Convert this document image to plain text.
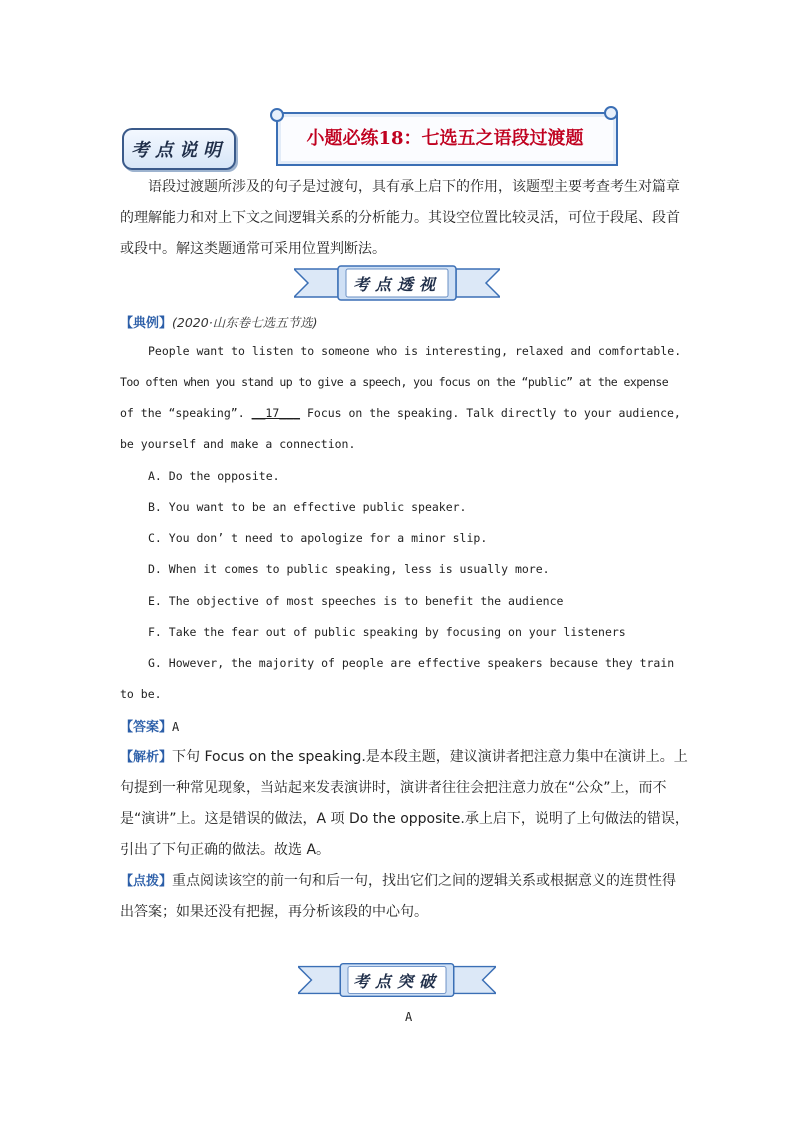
考点说明
小题必练18：七选五之语段过渡题
语段过渡题所涉及的句子是过渡句，具有承上启下的作用，该题型主要考查考生对篇章
的理解能力和对上下文之间逻辑关系的分析能力。其设空位置比较灵活，可位于段尾、段首
或段中。解这类题通常可采用位置判断法。
考点透视
【典例】(2020·山东卷七选五节选)
People want to listen to someone who is interesting, relaxed and comfortable.
Too often when you stand up to give a speech, you focus on the “public” at the expense
of the “speaking”. __17___ Focus on the speaking. Talk directly to your audience,
be yourself and make a connection.
A. Do the opposite.
B. You want to be an effective public speaker.
C. You don’ t need to apologize for a minor slip.
D. When it comes to public speaking, less is usually more.
E. The objective of most speeches is to benefit the audience
F. Take the fear out of public speaking by focusing on your listeners
G. However, the majority of people are effective speakers because they train
to be.
【答案】A
【解析】下句 Focus on the speaking.是本段主题，建议演讲者把注意力集中在演讲上。上
句提到一种常见现象，当站起来发表演讲时，演讲者往往会把注意力放在“公众”上，而不
是“演讲”上。这是错误的做法，A 项 Do the opposite.承上启下，说明了上句做法的错误，
引出了下句正确的做法。故选 A。
【点拨】重点阅读该空的前一句和后一句，找出它们之间的逻辑关系或根据意义的连贯性得
出答案；如果还没有把握，再分析该段的中心句。
考点突破
A
